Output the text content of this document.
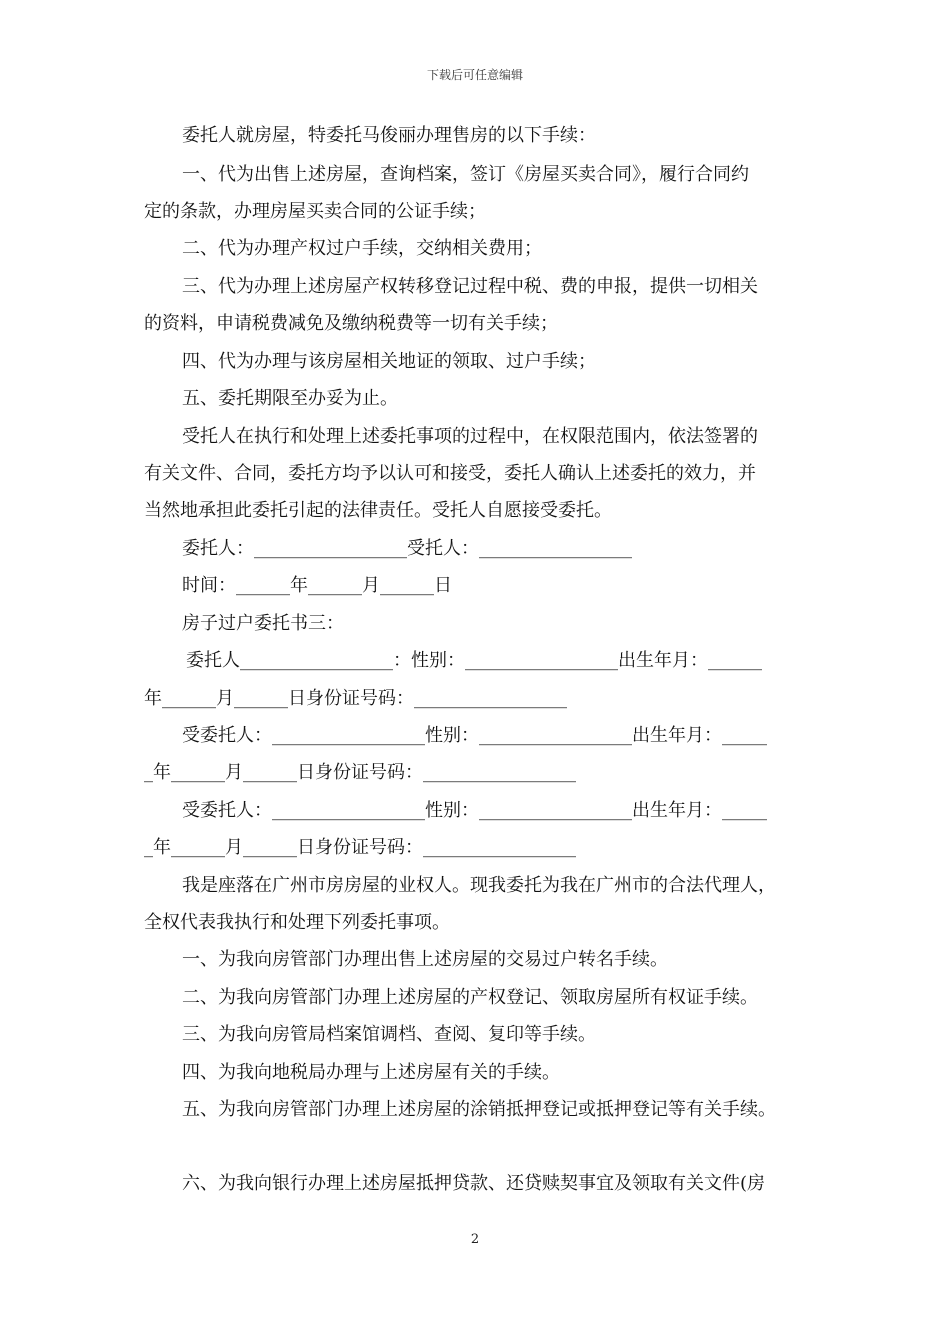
下载后可任意编辑
委托人就房屋，特委托马俊丽办理售房的以下手续：
一、代为出售上述房屋，查询档案，签订《房屋买卖合同》，履行合同约
定的条款，办理房屋买卖合同的公证手续；
二、代为办理产权过户手续，交纳相关费用；
三、代为办理上述房屋产权转移登记过程中税、费的申报，提供一切相关
的资料，申请税费减免及缴纳税费等一切有关手续；
四、代为办理与该房屋相关地证的领取、过户手续；
五、委托期限至办妥为止。
受托人在执行和处理上述委托事项的过程中，在权限范围内，依法签署的
有关文件、合同，委托方均予以认可和接受，委托人确认上述委托的效力，并
当然地承担此委托引起的法律责任。受托人自愿接受委托。
委托人：_________________受托人：_________________
时间：______年______月______日
房子过户委托书三：
委托人_________________：性别：_________________出生年月：______
年______月______日身份证号码：_________________
受委托人：_________________性别：_________________出生年月：_____
_年______月______日身份证号码：_________________
受委托人：_________________性别：_________________出生年月：_____
_年______月______日身份证号码：_________________
我是座落在广州市房房屋的业权人。现我委托为我在广州市的合法代理人，
全权代表我执行和处理下列委托事项。
一、为我向房管部门办理出售上述房屋的交易过户转名手续。
二、为我向房管部门办理上述房屋的产权登记、领取房屋所有权证手续。
三、为我向房管局档案馆调档、查阅、复印等手续。
四、为我向地税局办理与上述房屋有关的手续。
五、为我向房管部门办理上述房屋的涂销抵押登记或抵押登记等有关手续。
六、为我向银行办理上述房屋抵押贷款、还贷赎契事宜及领取有关文件(房
2
